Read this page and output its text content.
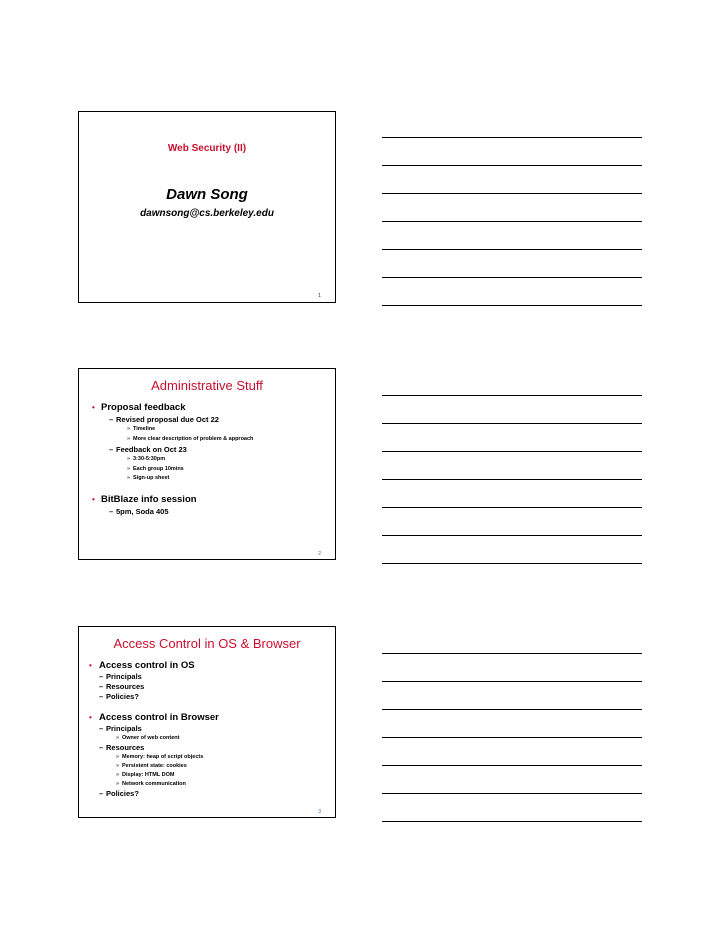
Web Security (II)
Dawn Song
dawnsong@cs.berkeley.edu
1
Administrative Stuff
• Proposal feedback
– Revised proposal due Oct 22
» Timeline
» More clear description of problem & approach
– Feedback on Oct 23
» 3:30-5:30pm
» Each group 10mins
» Sign-up sheet
• BitBlaze info session
– 5pm, Soda 405
2
Access Control in OS & Browser
• Access control in OS
– Principals
– Resources
– Policies?
• Access control in Browser
– Principals
» Owner of web content
– Resources
» Memory: heap of script objects
» Persistent state: cookies
» Display: HTML DOM
» Network communication
– Policies?
3
